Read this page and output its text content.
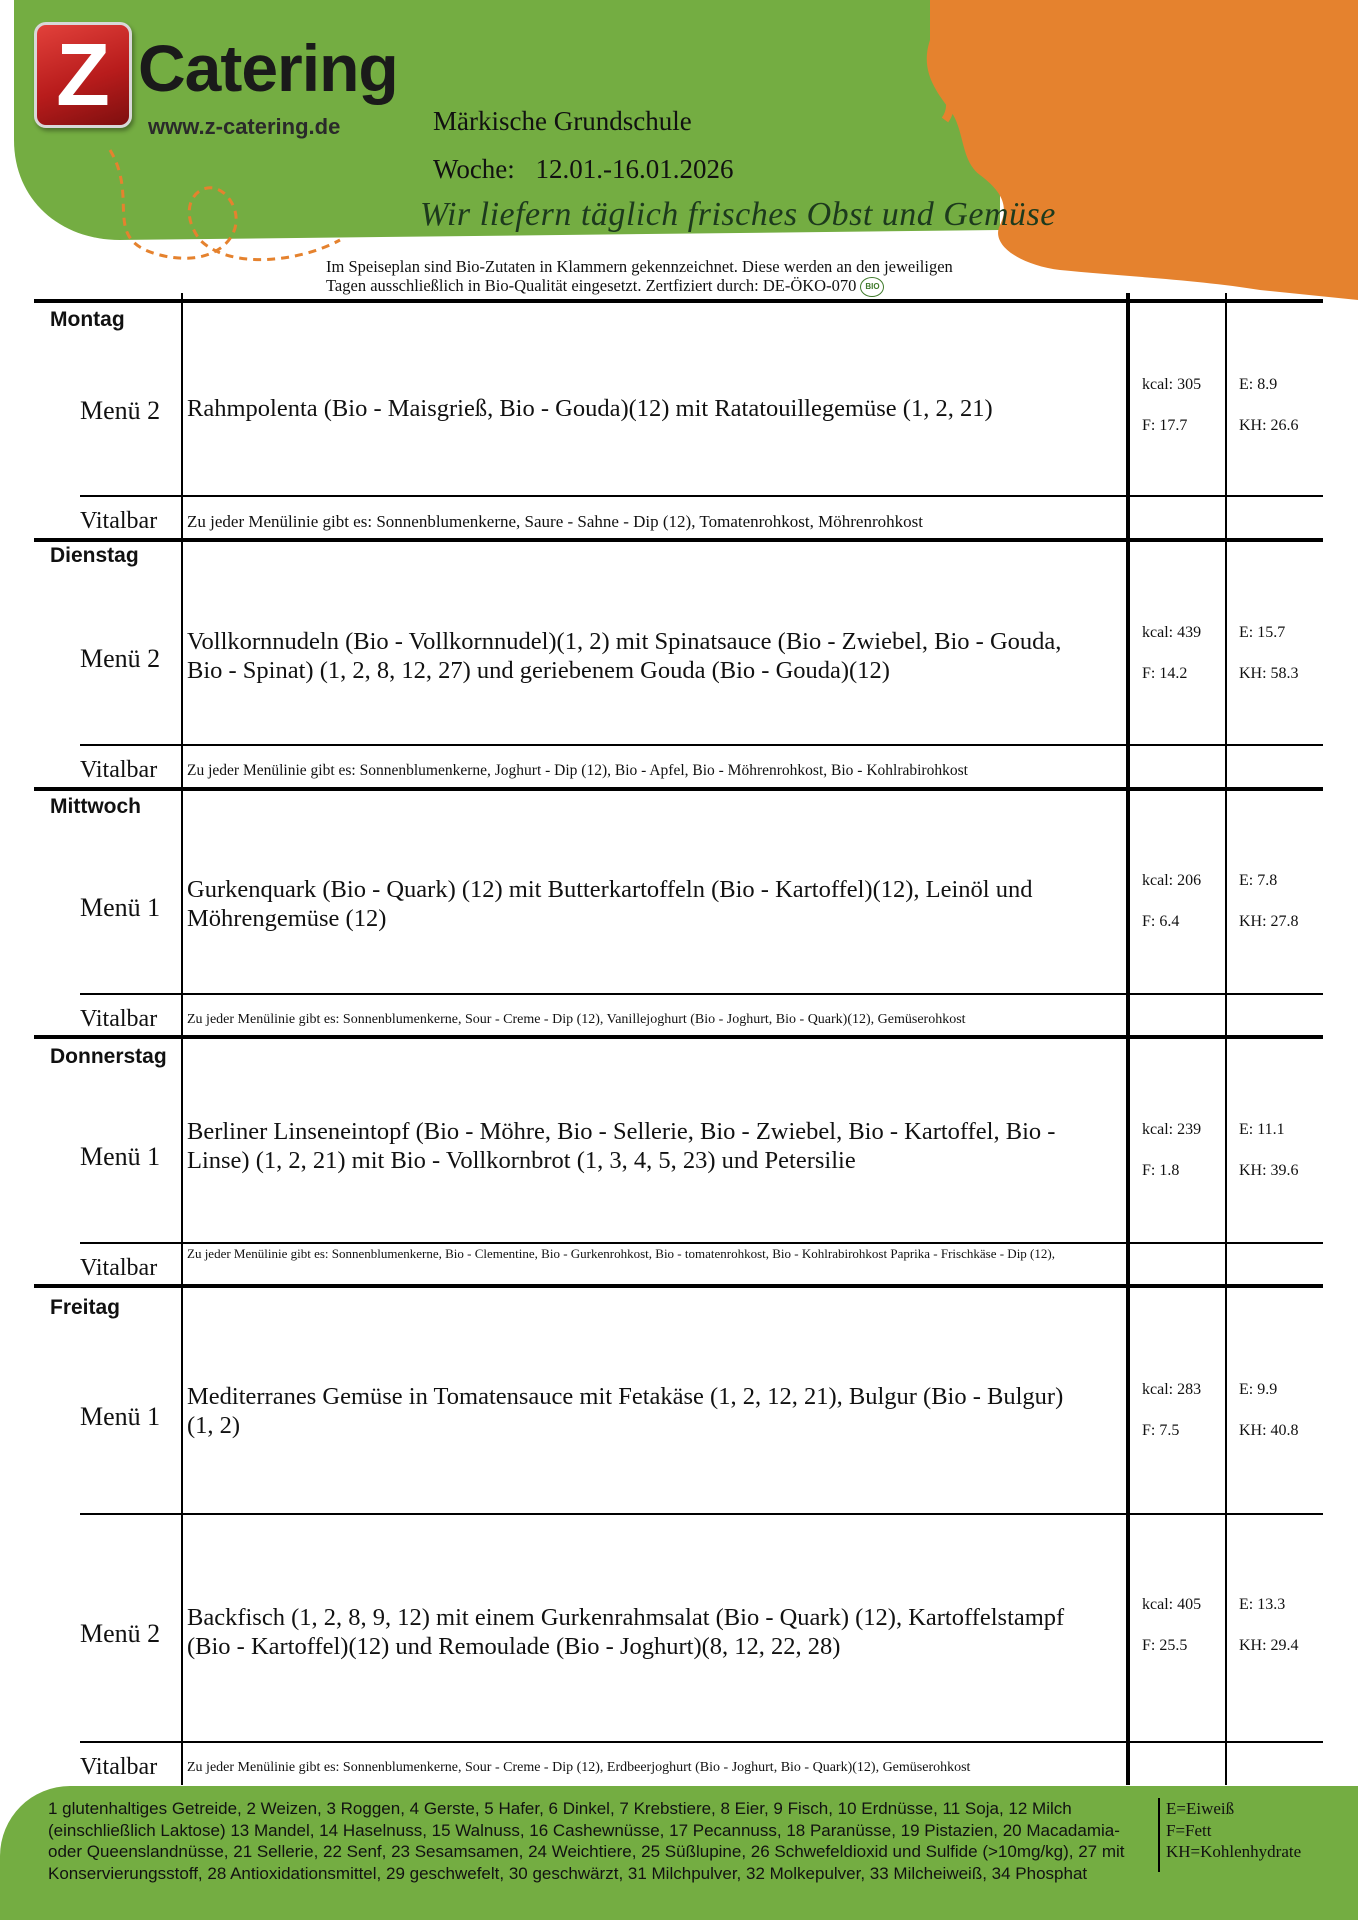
Z Catering
www.z-catering.de	Märkische Grundschule
Woche: 12.01.-16.01.2026
Wir liefern täglich frisches Obst und Gemüse
Im Speiseplan sind Bio-Zutaten in Klammern gekennzeichnet. Diese werden an den jeweiligen
Tagen ausschließlich in Bio-Qualität eingesetzt. Zertfiziert durch: DE-ÖKO-070 BIO
Montag
Menü 2 Rahmpolenta (Bio - Maisgrieß, Bio - Gouda)(12) mit Ratatouillegemüse (1, 2, 21)
kcal: 305
F: 17.7
E: 8.9
KH: 26.6
Vitalbar Zu jeder Menülinie gibt es: Sonnenblumenkerne, Saure - Sahne - Dip (12), Tomatenrohkost, Möhrenrohkost
Dienstag
Menü 2
Vollkornnudeln (Bio - Vollkornnudel)(1, 2) mit Spinatsauce (Bio - Zwiebel, Bio - Gouda, Bio - Spinat) (1, 2, 8, 12, 27) und geriebenem Gouda (Bio - Gouda)(12)
kcal: 439
F: 14.2
E: 15.7
KH: 58.3
Vitalbar Zu jeder Menülinie gibt es: Sonnenblumenkerne, Joghurt - Dip (12), Bio - Apfel, Bio - Möhrenrohkost, Bio - Kohlrabirohkost
Mittwoch
Menü 1
Gurkenquark (Bio - Quark) (12) mit Butterkartoffeln (Bio - Kartoffel)(12), Leinöl und Möhrengemüse (12)
kcal: 206
F: 6.4
E: 7.8
KH: 27.8
Vitalbar Zu jeder Menülinie gibt es: Sonnenblumenkerne, Sour - Creme - Dip (12), Vanillejoghurt (Bio - Joghurt, Bio - Quark)(12), Gemüserohkost
Donnerstag
Menü 1
Berliner Linseneintopf (Bio - Möhre, Bio - Sellerie, Bio - Zwiebel, Bio - Kartoffel, Bio - Linse) (1, 2, 21) mit Bio - Vollkornbrot (1, 3, 4, 5, 23) und Petersilie
kcal: 239
F: 1.8
E: 11.1
KH: 39.6
Vitalbar
Zu jeder Menülinie gibt es: Sonnenblumenkerne, Bio - Clementine, Bio - Gurkenrohkost, Bio - tomatenrohkost, Bio - Kohlrabirohkost Paprika - Frischkäse - Dip (12),
Freitag
Menü 1
Mediterranes Gemüse in Tomatensauce mit Fetakäse (1, 2, 12, 21), Bulgur (Bio - Bulgur)(1, 2)
kcal: 283
F: 7.5
E: 9.9
KH: 40.8
Menü 2
Backfisch (1, 2, 8, 9, 12) mit einem Gurkenrahmsalat (Bio - Quark) (12), Kartoffelstampf (Bio - Kartoffel)(12) und Remoulade (Bio - Joghurt)(8, 12, 22, 28)
kcal: 405
F: 25.5
E: 13.3
KH: 29.4
Vitalbar Zu jeder Menülinie gibt es: Sonnenblumenkerne, Sour - Creme - Dip (12), Erdbeerjoghurt (Bio - Joghurt, Bio - Quark)(12), Gemüserohkost
1 glutenhaltiges Getreide, 2 Weizen, 3 Roggen, 4 Gerste, 5 Hafer, 6 Dinkel, 7 Krebstiere, 8 Eier, 9 Fisch, 10 Erdnüsse, 11 Soja, 12 Milch (einschließlich Laktose) 13 Mandel, 14 Haselnuss, 15 Walnuss, 16 Cashewnüsse, 17 Pecannuss, 18 Paranüsse, 19 Pistazien, 20 Macadamia- oder Queenslandnüsse, 21 Sellerie, 22 Senf, 23 Sesamsamen, 24 Weichtiere, 25 Süßlupine, 26 Schwefeldioxid und Sulfide (>10mg/kg), 27 mit Konservierungsstoff, 28 Antioxidationsmittel, 29 geschwefelt, 30 geschwärzt, 31 Milchpulver, 32 Molkepulver, 33 Milcheiweiß, 34 Phosphat
E=Eiweiß
F=Fett
KH=Kohlenhydrate
